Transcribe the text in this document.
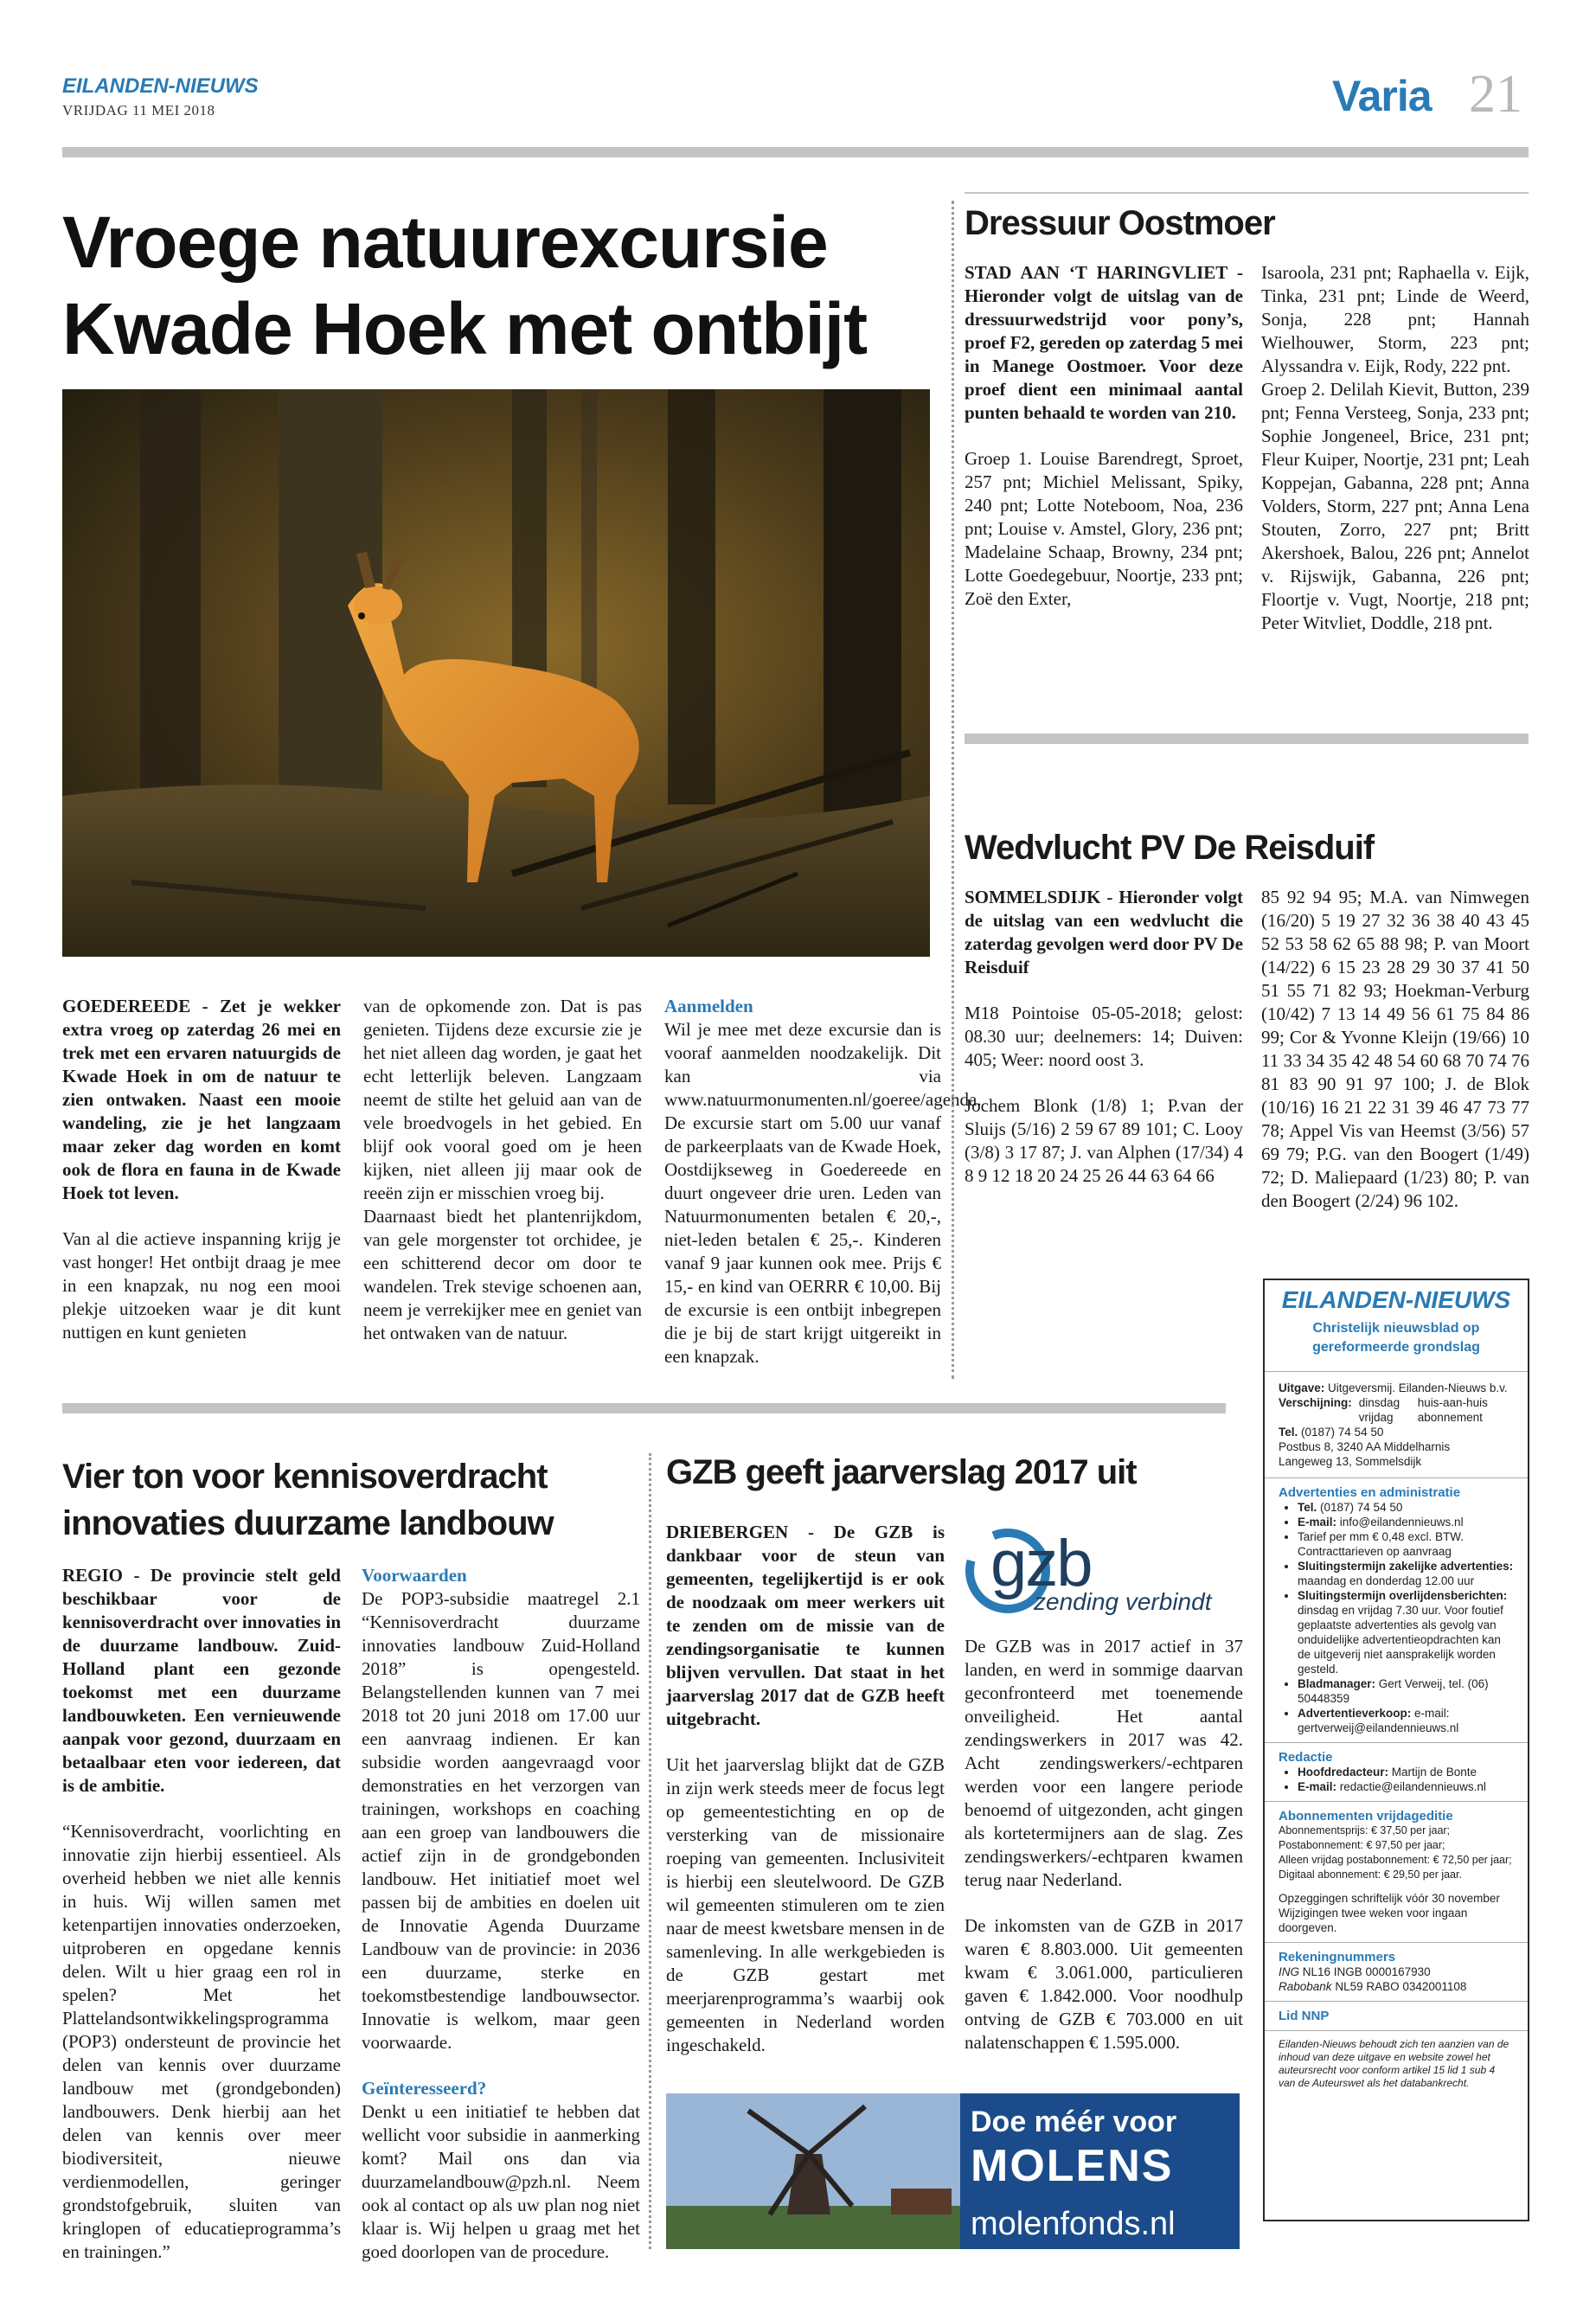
EILANDEN-NIEUWS
VRIJDAG 11 MEI 2018	Varia 21
Vroege natuurexcursie
Kwade Hoek met ontbijt

GOEDEREEDE - Zet je wekker extra vroeg op zaterdag 26 mei en trek met een ervaren natuurgids de Kwade Hoek in om de natuur te zien ontwaken. Naast een mooie wandeling, zie je het langzaam maar zeker dag worden en komt ook de flora en fauna in de Kwade Hoek tot leven.

Van al die actieve inspanning krijg je vast honger! Het ontbijt draag je mee in een knapzak, nu nog een mooi plekje uitzoeken waar je dit kunt nuttigen en kunt genieten

van de opkomende zon. Dat is pas genieten. Tijdens deze excursie zie je het niet alleen dag worden, je gaat het echt letterlijk beleven. Langzaam neemt de stilte het geluid aan van de vele broedvogels in het gebied. En blijf ook vooral goed om je heen kijken, niet alleen jij maar ook de reeën zijn er misschien vroeg bij.

Daarnaast biedt het plantenrijkdom, van gele morgenster tot orchidee, je een schitterend decor om door te wandelen. Trek stevige schoenen aan, neem je verrekijker mee en geniet van het ontwaken van de natuur.

Aanmelden

Wil je mee met deze excursie dan is vooraf aanmelden noodzakelijk. Dit kan via www.natuurmonumenten.nl/goeree/agenda. De excursie start om 5.00 uur vanaf de parkeerplaats van de Kwade Hoek, Oostdijkseweg in Goedereede en duurt ongeveer drie uren. Leden van Natuurmonumenten betalen € 20,-, niet-leden betalen € 25,-. Kinderen vanaf 9 jaar kunnen ook mee. Prijs € 15,- en kind van OERRR € 10,00. Bij de excursie is een ontbijt inbegrepen die je bij de start krijgt uitgereikt in een knapzak.

Dressuur Oostmoer

STAD AAN ‘T HARINGVLIET - Hieronder volgt de uitslag van de dressuurwedstrijd voor pony’s, proef F2, gereden op zaterdag 5 mei in Manege Oostmoer. Voor deze proef dient een minimaal aantal punten behaald te worden van 210.

Groep 1. Louise Barendregt, Sproet, 257 pnt; Michiel Melissant, Spiky, 240 pnt; Lotte Noteboom, Noa, 236 pnt; Louise v. Amstel, Glory, 236 pnt; Madelaine Schaap, Browny, 234 pnt; Lotte Goedegebuur, Noortje, 233 pnt; Zoë den Exter,

Isaroola, 231 pnt; Raphaella v. Eijk, Tinka, 231 pnt; Linde de Weerd, Sonja, 228 pnt; Hannah Wielhouwer, Storm, 223 pnt; Alyssandra v. Eijk, Rody, 222 pnt.

Groep 2. Delilah Kievit, Button, 239 pnt; Fenna Versteeg, Sonja, 233 pnt; Sophie Jongeneel, Brice, 231 pnt; Fleur Kuiper, Noortje, 231 pnt; Leah Koppejan, Gabanna, 228 pnt; Anna Volders, Storm, 227 pnt; Anna Lena Stouten, Zorro, 227 pnt; Britt Akershoek, Balou, 226 pnt; Annelot v. Rijswijk, Gabanna, 226 pnt; Floortje v. Vugt, Noortje, 218 pnt; Peter Witvliet, Doddle, 218 pnt.

Wedvlucht PV De Reisduif

SOMMELSDIJK - Hieronder volgt de uitslag van een wedvlucht die zaterdag gevolgen werd door PV De Reisduif

M18 Pointoise 05-05-2018; gelost: 08.30 uur; deelnemers: 14; Duiven: 405; Weer: noord oost 3.

Jochem Blonk (1/8) 1; P.van der Sluijs (5/16) 2 59 67 89 101; C. Looy (3/8) 3 17 87; J. van Alphen (17/34) 4 8 9 12 18 20 24 25 26 44 63 64 66

85 92 94 95; M.A. van Nimwegen (16/20) 5 19 27 32 36 38 40 43 45 52 53 58 62 65 88 98; P. van Moort (14/22) 6 15 23 28 29 30 37 41 50 51 55 71 82 93; Hoekman-Verburg (10/42) 7 13 14 49 56 61 75 84 86 99; Cor & Yvonne Kleijn (19/66) 10 11 33 34 35 42 48 54 60 68 70 74 76 81 83 90 91 97 100; J. de Blok (10/16) 16 21 22 31 39 46 47 73 77 78; Appel Vis van Heemst (3/56) 57 69 79; P.G. van den Boogert (1/49) 72; D. Maliepaard (1/23) 80; P. van den Boogert (2/24) 96 102.

Vier ton voor kennisoverdracht
innovaties duurzame landbouw

REGIO - De provincie stelt geld beschikbaar voor de kennisoverdracht over innovaties in de duurzame landbouw. Zuid-Holland plant een gezonde toekomst met een duurzame landbouwketen. Een vernieuwende aanpak voor gezond, duurzaam en betaalbaar eten voor iedereen, dat is de ambitie.

“Kennisoverdracht, voorlichting en innovatie zijn hierbij essentieel. Als overheid hebben we niet alle kennis in huis. Wij willen samen met ketenpartijen innovaties onderzoeken, uitproberen en opgedane kennis delen. Wilt u hier graag een rol in spelen? Met het Plattelandsontwikkelingsprogramma (POP3) ondersteunt de provincie het delen van kennis over duurzame landbouw met (grondgebonden) landbouwers. Denk hierbij aan het delen van kennis over meer biodiversiteit, nieuwe verdienmodellen, geringer grondstofgebruik, sluiten van kringlopen of educatieprogramma’s en trainingen.”

Voorwaarden

De POP3-subsidie maatregel 2.1 “Kennisoverdracht duurzame innovaties landbouw Zuid-Holland 2018” is opengesteld. Belangstellenden kunnen van 7 mei 2018 tot 20 juni 2018 om 17.00 uur een aanvraag indienen. Er kan subsidie worden aangevraagd voor demonstraties en het verzorgen van trainingen, workshops en coaching aan een groep van landbouwers die actief zijn in de grondgebonden landbouw. Het initiatief moet wel passen bij de ambities en doelen uit de Innovatie Agenda Duurzame Landbouw van de provincie: in 2036 een duurzame, sterke en toekomstbestendige landbouwsector. Innovatie is welkom, maar geen voorwaarde.

Geïnteresseerd?

Denkt u een initiatief te hebben dat wellicht voor subsidie in aanmerking komt? Mail ons dan via duurzamelandbouw@pzh.nl. Neem ook al contact op als uw plan nog niet klaar is. Wij helpen u graag met het goed doorlopen van de procedure.

GZB geeft jaarverslag 2017 uit

DRIEBERGEN - De GZB is dankbaar voor de steun van gemeenten, tegelijkertijd is er ook de noodzaak om meer werkers uit te zenden om de missie van de zendingsorganisatie te kunnen blijven vervullen. Dat staat in het jaarverslag 2017 dat de GZB heeft uitgebracht.

Uit het jaarverslag blijkt dat de GZB in zijn werk steeds meer de focus legt op gemeentestichting en op de versterking van de missionaire roeping van gemeenten. Inclusiviteit is hierbij een sleutelwoord. De GZB wil gemeenten stimuleren om te zien naar de meest kwetsbare mensen in de samenleving. In alle werkgebieden is de GZB gestart met meerjarenprogramma’s waarbij ook gemeenten in Nederland worden ingeschakeld.

gzb
zending verbindt

De GZB was in 2017 actief in 37 landen, en werd in sommige daarvan geconfronteerd met toenemende onveiligheid. Het aantal zendingswerkers in 2017 was 42. Acht zendingswerkers/-echtparen werden voor een langere periode benoemd of uitgezonden, acht gingen als kortetermijners aan de slag. Zes zendingswerkers/-echtparen kwamen terug naar Nederland.

De inkomsten van de GZB in 2017 waren € 8.803.000. Uit gemeenten kwam € 3.061.000, particulieren gaven € 1.842.000. Voor noodhulp ontving de GZB € 703.000 en uit nalatenschappen € 1.595.000.

Doe méér voor
MOLENS
molenfonds.nl
EILANDEN-NIEUWS
Christelijk nieuwsblad op gereformeerde grondslag
Uitgave: Uitgeversmij. Eilanden-Nieuws b.v.
Verschijning: dinsdag vrijdag
huis-aan-huis abonnement
Tel. (0187) 74 54 50
Postbus 8, 3240 AA Middelharnis
Langeweg 13, Sommelsdijk
Advertenties en administratie
• Tel. (0187) 74 54 50
• E-mail: info@eilandennieuws.nl
• Tarief per mm € 0,48 excl. BTW. Contracttarieven op aanvraag
• Sluitingstermijn zakelijke advertenties: maandag en donderdag 12.00 uur
• Sluitingstermijn overlijdensberichten: dinsdag en vrijdag 7.30 uur. Voor foutief geplaatste advertenties als gevolg van onduidelijke advertentieopdrachten kan de uitgeverij niet aansprakelijk worden gesteld.
• Bladmanager: Gert Verweij, tel. (06) 50448359
• Advertentieverkoop: e-mail: gertverweij@eilandennieuws.nl
Redactie
• Hoofdredacteur: Martijn de Bonte
• E-mail: redactie@eilandennieuws.nl
Abonnementen vrijdageditie
Abonnementsprijs: € 37,50 per jaar;
Postabonnement: € 97,50 per jaar;
Alleen vrijdag postabonnement: € 72,50 per jaar;
Digitaal abonnement: € 29,50 per jaar.
Opzeggingen schriftelijk vóór 30 november
Wijzigingen twee weken voor ingaan doorgeven.
Rekeningnummers
ING NL16 INGB 0000167930
Rabobank NL59 RABO 0342001108
Lid NNP
Eilanden-Nieuws behoudt zich ten aanzien van de inhoud van deze uitgave en website zowel het auteursrecht voor conform artikel 15 lid 1 sub 4 van de Auteurswet als het databankrecht.
